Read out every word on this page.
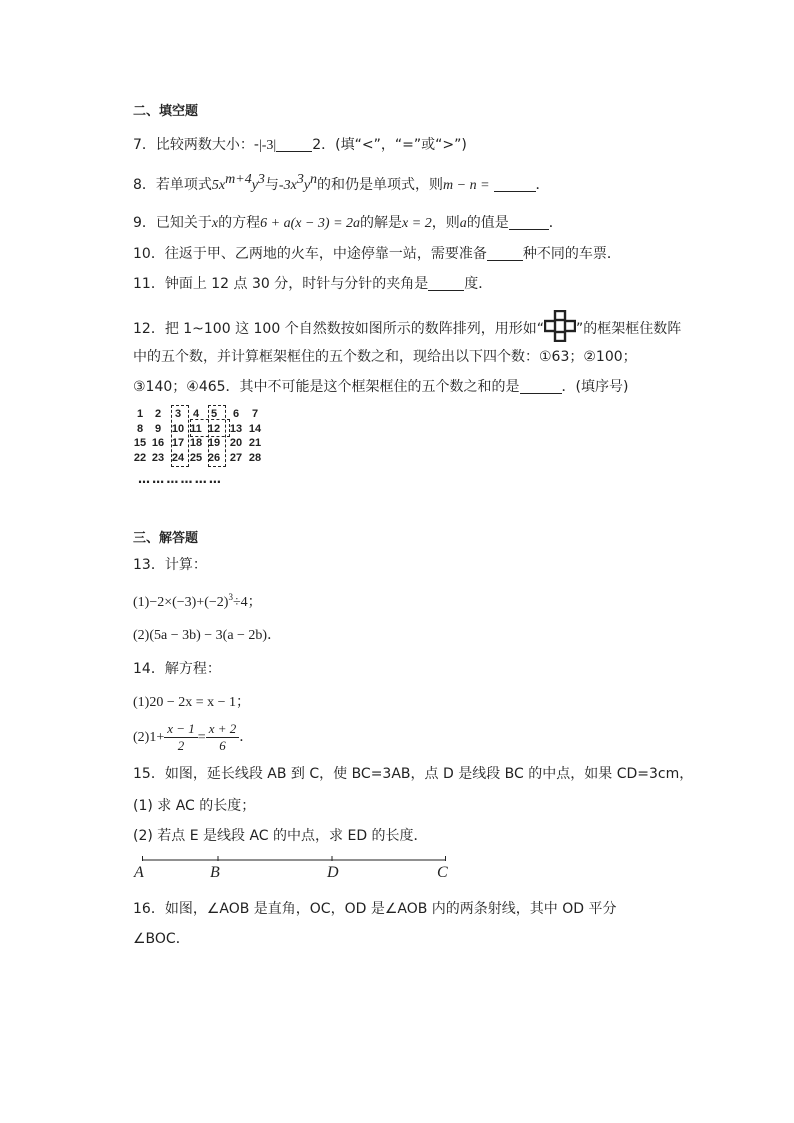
二、填空题
7．比较两数大小：-|-3|	2．(填“<”，“=”或“>”)
8．若单项式$5x^{m+4}y^3$与$-3x^3y^n$的和仍是单项式，则m − n =	．
9．已知关于x的方程6 + a(x − 3) = 2a的解是x = 2，则a的值是	．
10．往返于甲、乙两地的火车，中途停靠一站，需要准备	种不同的车票．
11．钟面上 12 点 30 分，时针与分针的夹角是	度．
12．把 1~100 这 100 个自然数按如图所示的数阵排列，用形如“ ”的框架框住数阵
中的五个数，并计算框架框住的五个数之和，现给出以下四个数：①63；②100；
③140；④465．其中不可能是这个框架框住的五个数之和的是	．(填序号)
1	2	3	4	5	6	7
8	9 10 11 12 13 14
15 16 17 18 19 20 21
22 23 24 25 26 27 28
… … … … … …
三、解答题
13．计算：
$(1)-2\times(-3)+(-2)^3\div 4$；
(2)(5a − 3b) − 3(a − 2b)．
14．解方程：
(1)20 − 2x = x − 1；
$(2)1+ \frac{x - 1}{2} = \frac{x + 2}{6}$ ．
15．如图，延长线段 AB 到 C，使 BC=3AB，点 D 是线段 BC 的中点，如果 CD=3cm，
(1) 求 AC 的长度；
(2) 若点 E 是线段 AC 的中点，求 ED 的长度．
A	B	D	C
16．如图，∠AOB 是直角，OC，OD 是∠AOB 内的两条射线，其中 OD 平分
∠BOC．
